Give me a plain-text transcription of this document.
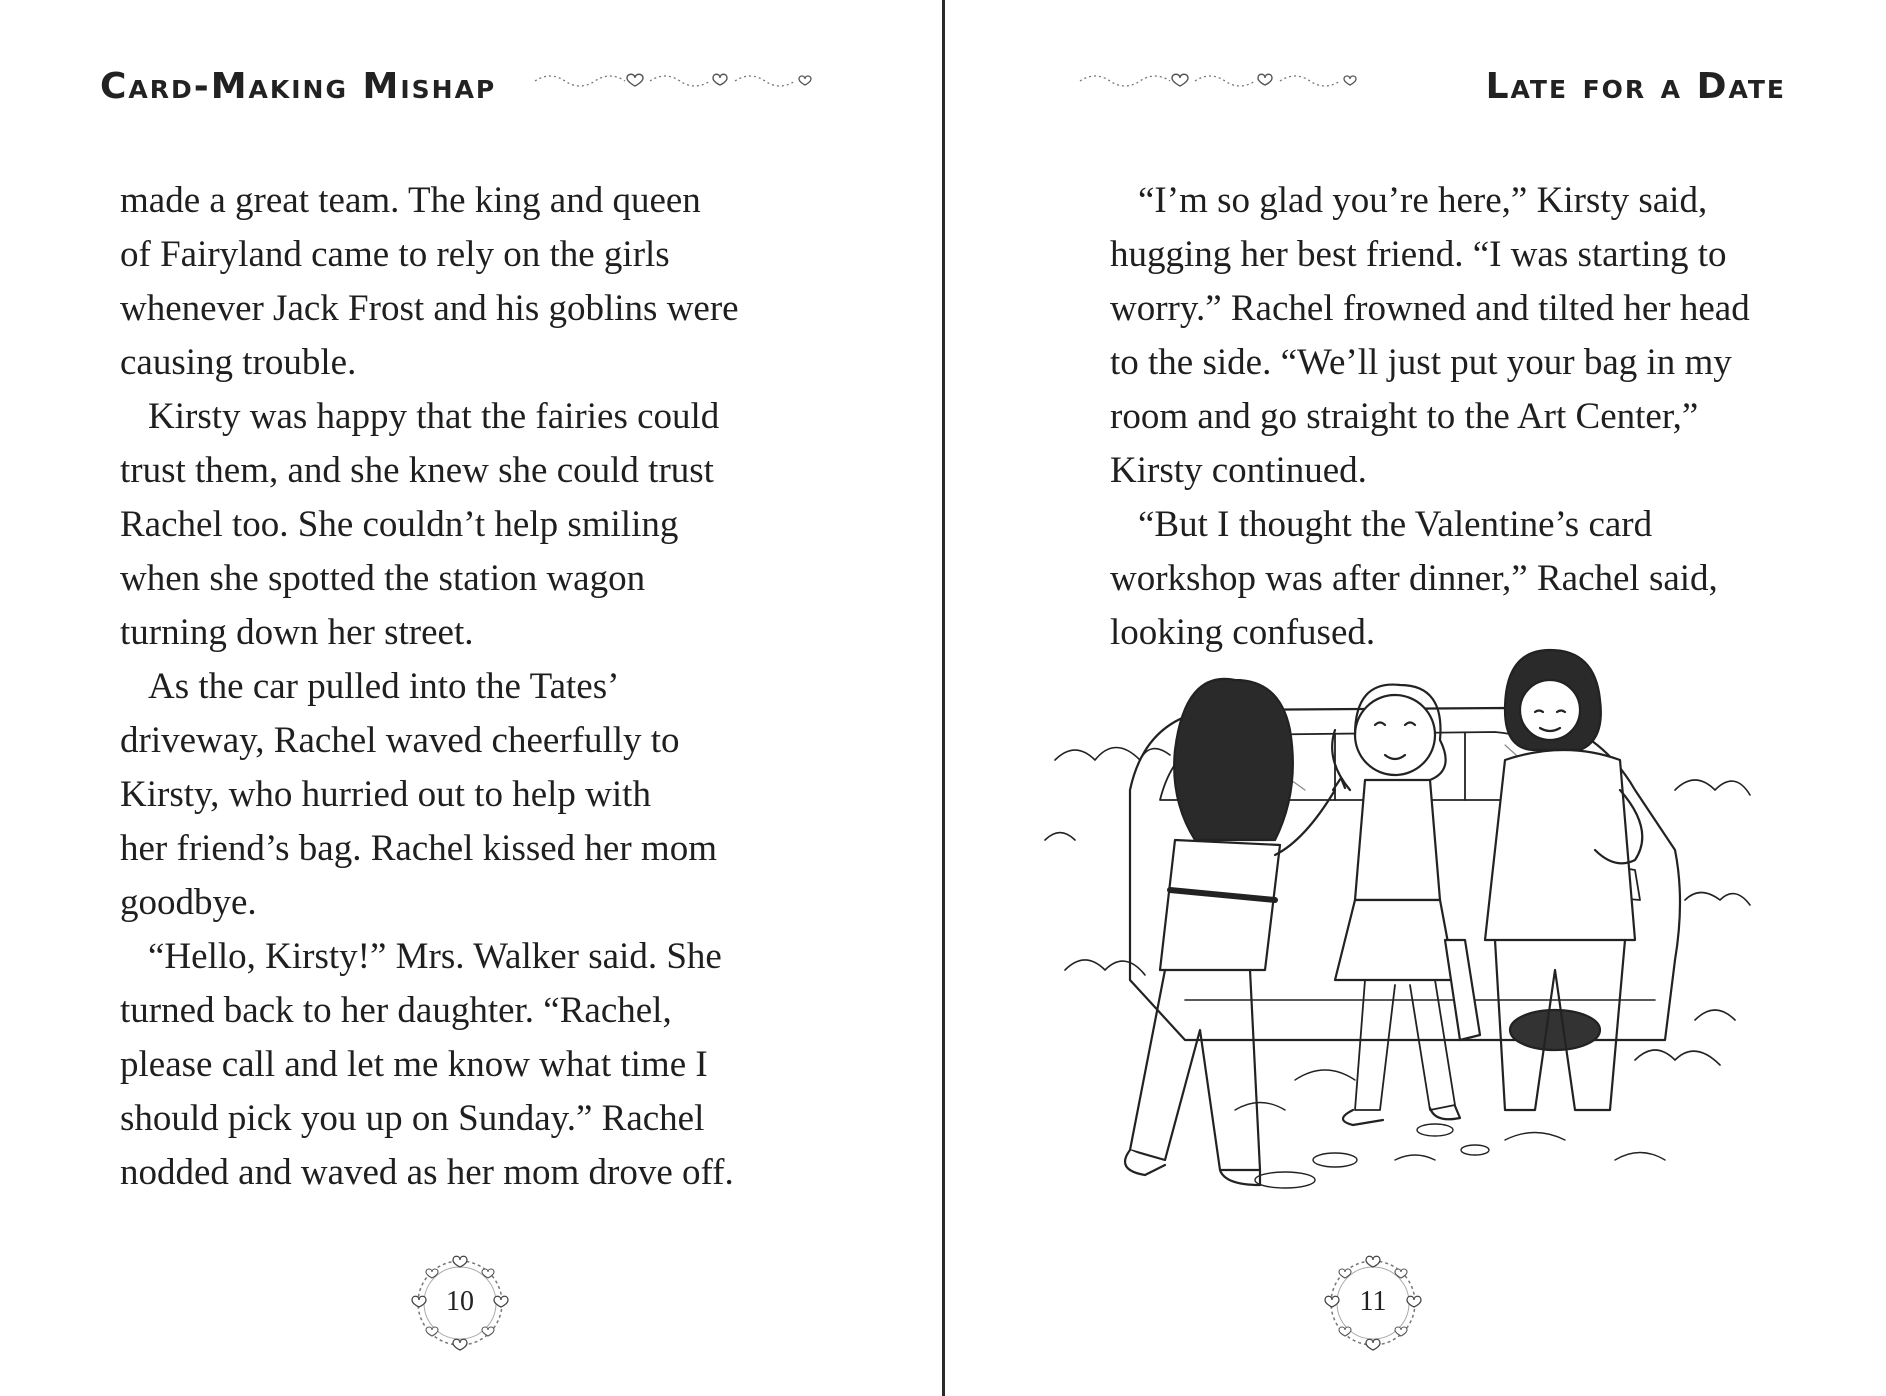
Card-Making Mishap

made a great team. The king and queen

of Fairyland came to rely on the girls

whenever Jack Frost and his goblins were

causing trouble.

Kirsty was happy that the fairies could

trust them, and she knew she could trust

Rachel too. She couldn’t help smiling

when she spotted the station wagon

turning down her street.

As the car pulled into the Tates’

driveway, Rachel waved cheerfully to

Kirsty, who hurried out to help with

her friend’s bag. Rachel kissed her mom

goodbye.

“Hello, Kirsty!” Mrs. Walker said. She

turned back to her daughter. “Rachel,

please call and let me know what time I

should pick you up on Sunday.” Rachel

nodded and waved as her mom drove off.

10
Late for a Date

“I’m so glad you’re here,” Kirsty said,

hugging her best friend. “I was starting to

worry.” Rachel frowned and tilted her head

to the side. “We’ll just put your bag in my

room and go straight to the Art Center,”

Kirsty continued.

“But I thought the Valentine’s card

workshop was after dinner,” Rachel said,

looking confused.

11
